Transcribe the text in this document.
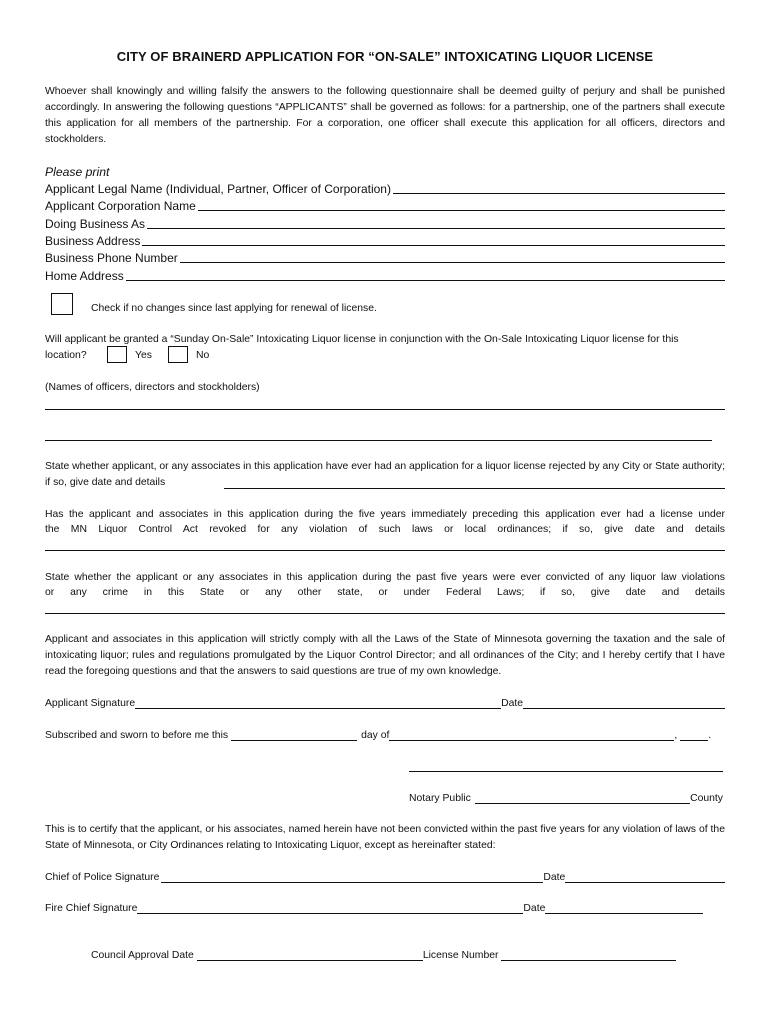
CITY OF BRAINERD APPLICATION FOR “ON-SALE” INTOXICATING LIQUOR LICENSE
Whoever shall knowingly and willing falsify the answers to the following questionnaire shall be deemed guilty of perjury and shall be punished accordingly. In answering the following questions “APPLICANTS” shall be governed as follows: for a partnership, one of the partners shall execute this application for all members of the partnership. For a corporation, one officer shall execute this application for all officers, directors and stockholders.
Please print
Applicant Legal Name (Individual, Partner, Officer of Corporation)
Applicant Corporation Name
Doing Business As
Business Address
Business Phone Number
Home Address
Check if no changes since last applying for renewal of license.
Will applicant be granted a “Sunday On-Sale” Intoxicating Liquor license in conjunction with the On-Sale Intoxicating Liquor license for this
location?	Yes	No
(Names of officers, directors and stockholders)
State whether applicant, or any associates in this application have ever had an application for a liquor license rejected by any City or State authority; if so, give date and details
Has the applicant and associates in this application during the five years immediately preceding this application ever had a license under
the MN Liquor Control Act revoked for any violation of such laws or local ordinances; if so, give date and details
State whether the applicant or any associates in this application during the past five years were ever convicted of any liquor law violations
or any crime in this State or any other state, or under Federal Laws; if so, give date and details
Applicant and associates in this application will strictly comply with all the Laws of the State of Minnesota governing the taxation and the sale of intoxicating liquor; rules and regulations promulgated by the Liquor Control Director; and all ordinances of the City; and I hereby certify that I have read the foregoing questions and that the answers to said questions are true of my own knowledge.
Applicant Signature	Date
Subscribed and sworn to before me this	day of	,	.
Notary Public	County
This is to certify that the applicant, or his associates, named herein have not been convicted within the past five years for any violation of laws of the State of Minnesota, or City Ordinances relating to Intoxicating Liquor, except as hereinafter stated:
Chief of Police Signature	Date
Fire Chief Signature	Date
Council Approval Date	License Number
